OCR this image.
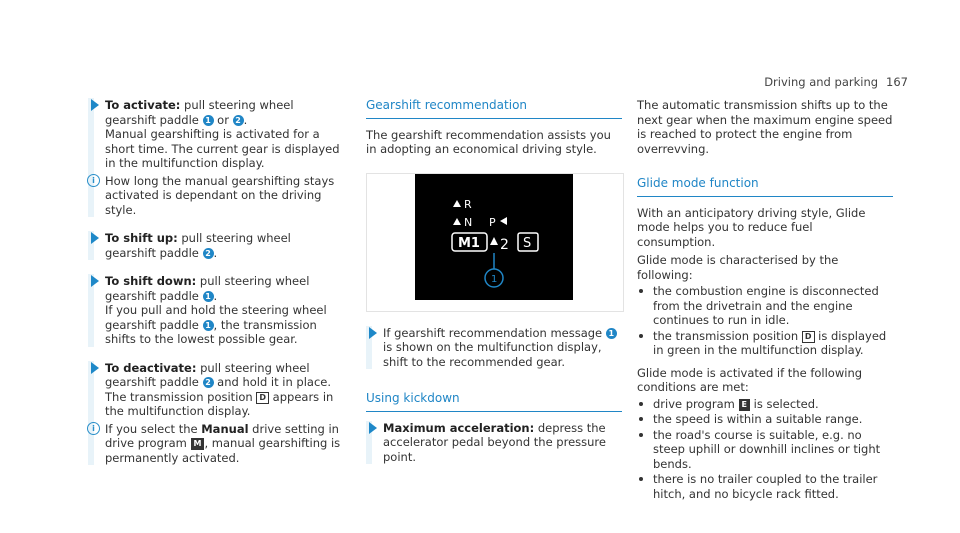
Driving and parking 167
To activate: pull steering wheel gearshift paddle 1 or 2 .
Manual gearshifting is activated for a short time. The current gear is displayed in the multifunction display.
i How long the manual gearshifting stays activated is dependant on the driving style.
To shift up: pull steering wheel gearshift paddle 2 .
To shift down: pull steering wheel gearshift paddle 1 .
If you pull and hold the steering wheel gearshift paddle 1 , the transmission shifts to the lowest possible gear.
To deactivate: pull steering wheel gearshift paddle 2 and hold it in place.
The transmission position D appears in the multifunction display.
i If you select the Manual drive setting in drive program M , manual gearshifting is permanently activated.
Gearshift recommendation
The gearshift recommendation assists you in adopting an economical driving style.
R
N P
M1 2 S
1
If gearshift recommendation message 1 is shown on the multifunction display, shift to the recommended gear.
Using kickdown
Maximum acceleration: depress the accelerator pedal beyond the pressure point.
The automatic transmission shifts up to the next gear when the maximum engine speed is reached to protect the engine from overrevving.
Glide mode function
With an anticipatory driving style, Glide mode helps you to reduce fuel consumption.
Glide mode is characterised by the following:
the combustion engine is disconnected from the drivetrain and the engine continues to run in idle.
the transmission position D is displayed in green in the multifunction display.
Glide mode is activated if the following conditions are met:
drive program E is selected.
the speed is within a suitable range.
the road's course is suitable, e.g. no steep uphill or downhill inclines or tight bends.
there is no trailer coupled to the trailer hitch, and no bicycle rack fitted.
